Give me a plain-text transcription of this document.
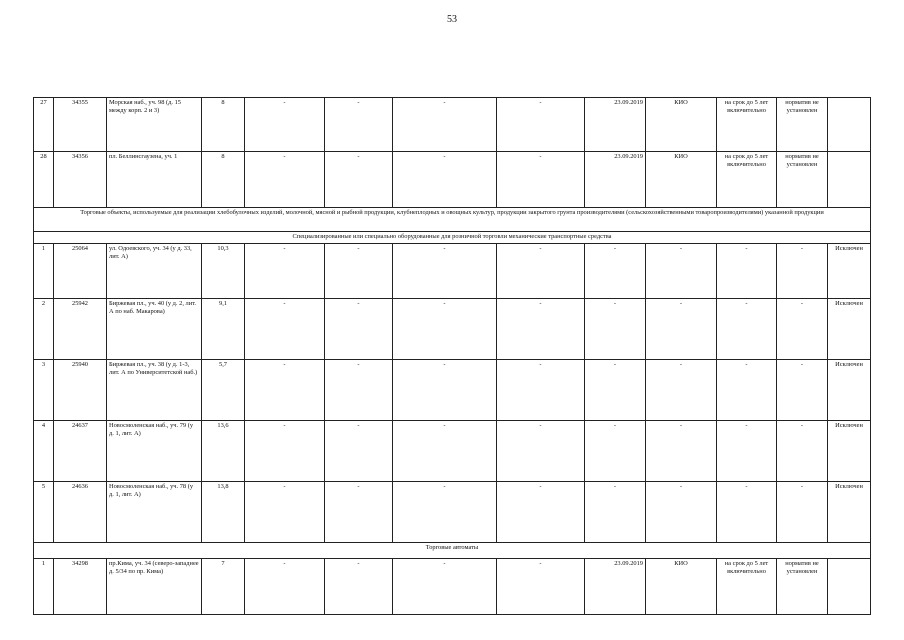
53
27	34355	Морская наб., уч. 98 (д. 15 между корп. 2 и 3)	8	-	-	-	-	23.09.2019	КИО	на срок до 5 лет включительно	норматив не установлен	
28	34356	пл. Беллинсгаузена, уч. 1	8	-	-	-	-	23.09.2019	КИО	на срок до 5 лет включительно	норматив не установлен	
Торговые объекты, используемые для реализации хлебобулочных изделий, молочной, мясной и рыбной продукции, клубнеплодных и овощных культур, продукции закрытого грунта производителями (сельскохозяйственными товаропроизводителями) указанной продукции												
Специализированные или специально оборудованные для розничной торговли механические транспортные средства												
1	25064	ул. Одоевского, уч. 34 (у д. 33, лит. А)	10,3	-	-	-	-	-	-	-	-	Исключен
2	25942	Биржевая пл., уч. 40 (у д. 2, лит. А по наб. Макарова)	9,1	-	-	-	-	-	-	-	-	Исключен
3	25940	Биржевая пл., уч. 38 (у д. 1-3, лит. А по Университетской наб.)	5,7	-	-	-	-	-	-	-	-	Исключен
4	24637	Новосмоленская наб., уч. 79 (у д. 1, лит. А)	13,6	-	-	-	-	-	-	-	-	Исключен
5	24636	Новосмоленская наб., уч. 78 (у д. 1, лит. А)	13,8	-	-	-	-	-	-	-	-	Исключен
Торговые автоматы												
1	34298	пр.Кима, уч. 34 (северо-западнее д. 5/34 по пр. Кима)	7	-	-	-	-	23.09.2019	КИО	на срок до 5 лет включительно	норматив не установлен	
